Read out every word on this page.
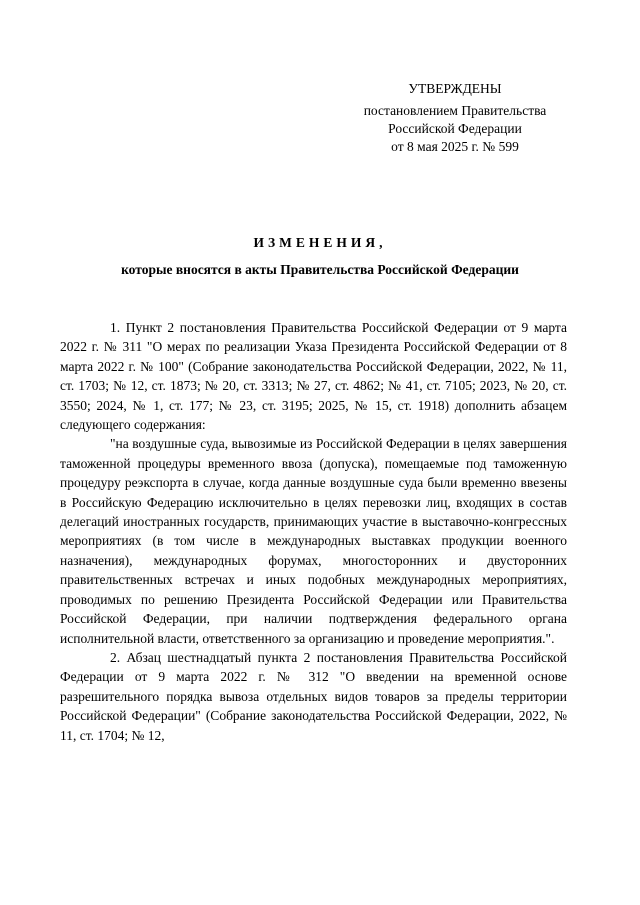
УТВЕРЖДЕНЫ
постановлением Правительства
Российской Федерации
от 8 мая 2025 г. № 599
ИЗМЕНЕНИЯ,
которые вносятся в акты Правительства Российской Федерации

1. Пункт 2 постановления Правительства Российской Федерации от 9 марта 2022 г. № 311 "О мерах по реализации Указа Президента Российской Федерации от 8 марта 2022 г. № 100" (Собрание законодательства Российской Федерации, 2022, № 11, ст. 1703; № 12, ст. 1873; № 20, ст. 3313; № 27, ст. 4862; № 41, ст. 7105; 2023, № 20, ст. 3550; 2024, № 1, ст. 177; № 23, ст. 3195; 2025, № 15, ст. 1918) дополнить абзацем следующего содержания:

"на воздушные суда, вывозимые из Российской Федерации в целях завершения таможенной процедуры временного ввоза (допуска), помещаемые под таможенную процедуру реэкспорта в случае, когда данные воздушные суда были временно ввезены в Российскую Федерацию исключительно в целях перевозки лиц, входящих в состав делегаций иностранных государств, принимающих участие в выставочно-конгрессных мероприятиях (в том числе в международных выставках продукции военного назначения), международных форумах, многосторонних и двусторонних правительственных встречах и иных подобных международных мероприятиях, проводимых по решению Президента Российской Федерации или Правительства Российской Федерации, при наличии подтверждения федерального органа исполнительной власти, ответственного за организацию и проведение мероприятия.".

2. Абзац шестнадцатый пункта 2 постановления Правительства Российской Федерации от 9 марта 2022 г. № 312 "О введении на временной основе разрешительного порядка вывоза отдельных видов товаров за пределы территории Российской Федерации" (Собрание законодательства Российской Федерации, 2022, № 11, ст. 1704; № 12,
